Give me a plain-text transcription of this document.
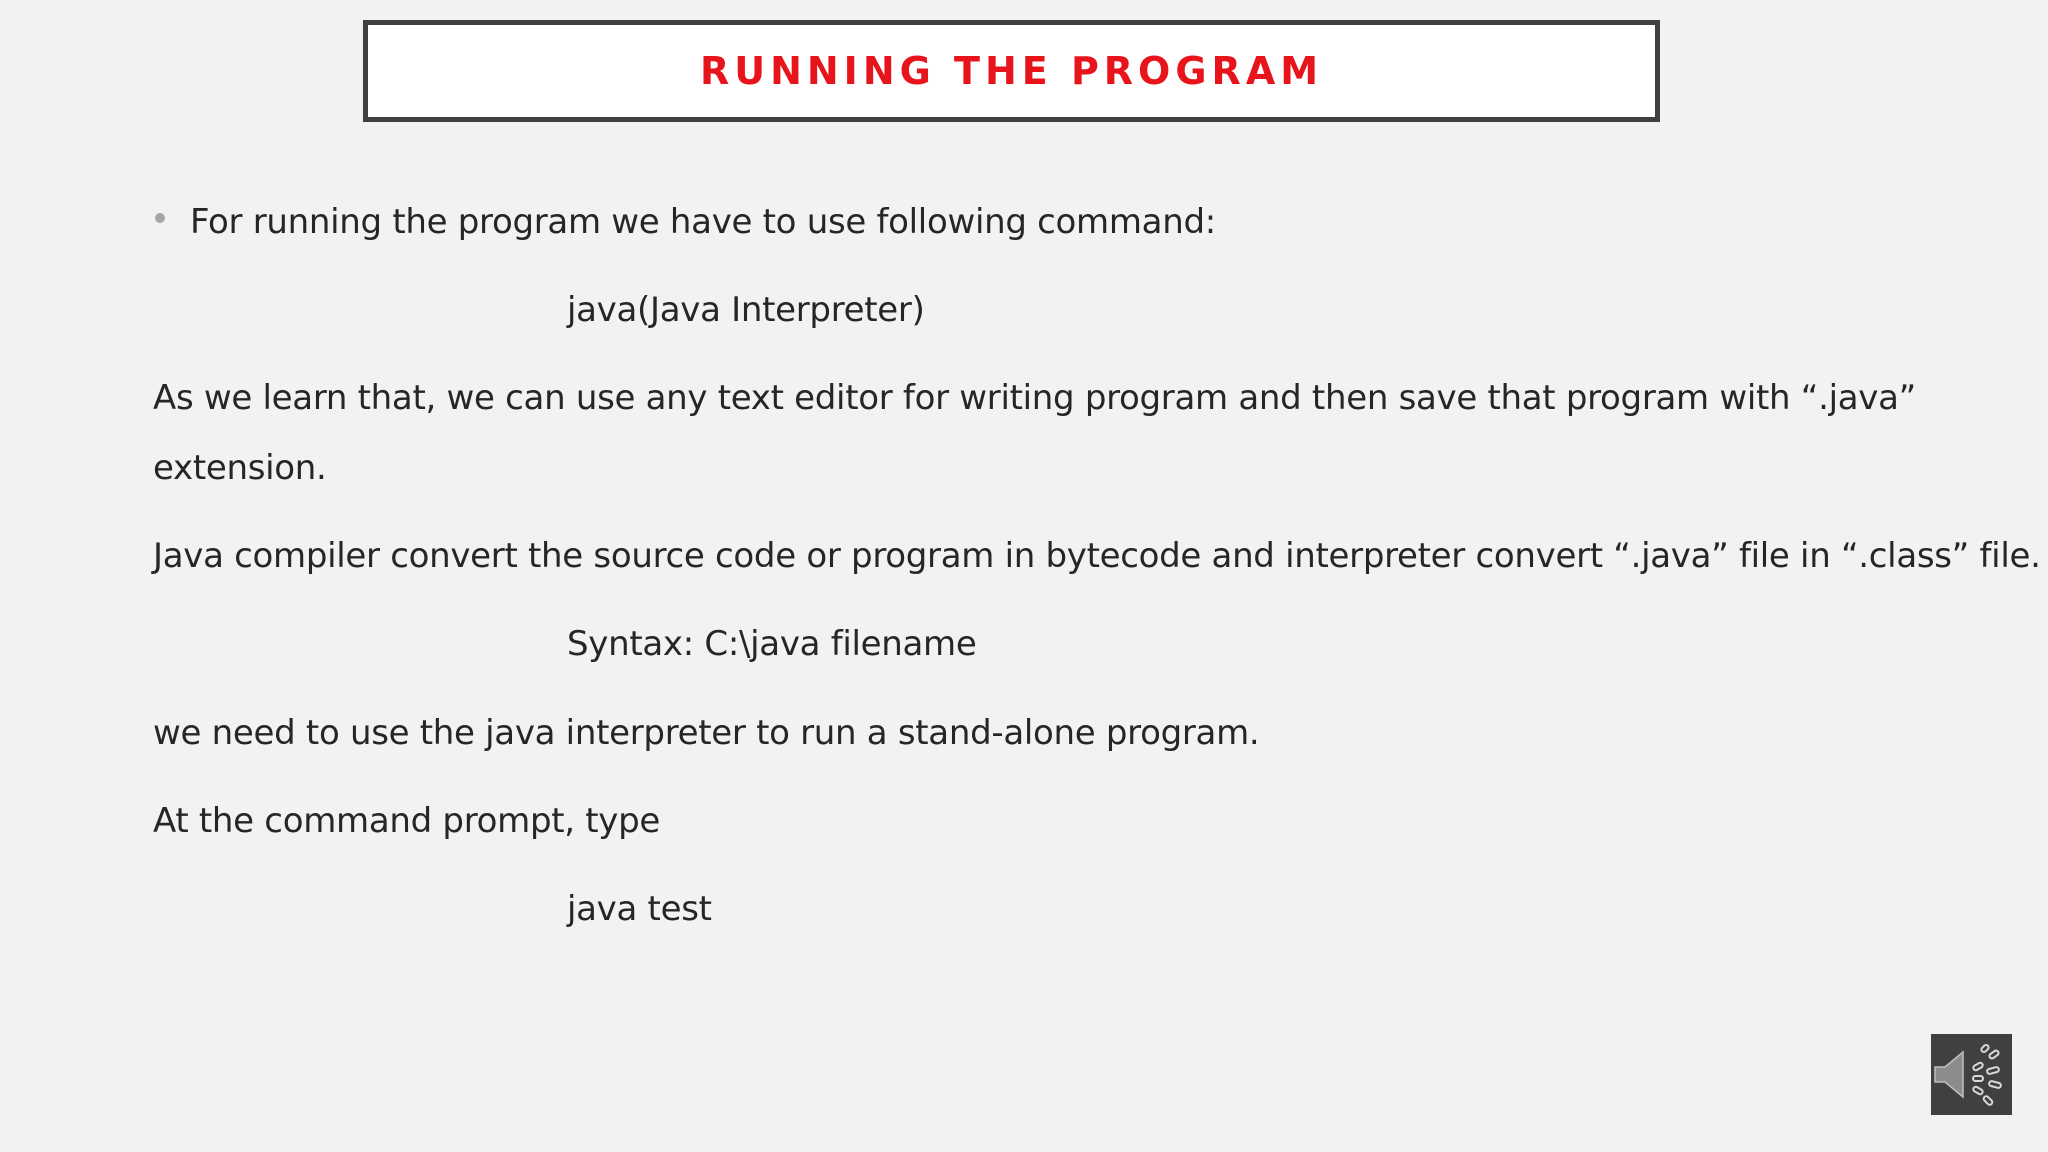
RUNNING THE PROGRAM
For running the program we have to use following command:
java(Java Interpreter)
As we learn that, we can use any text editor for writing program and then save that program with “.java”
extension.
Java compiler convert the source code or program in bytecode and interpreter convert “.java” file in “.class” file.
Syntax: C:\java filename
we need to use the java interpreter to run a stand-alone program.
At the command prompt, type
java test
